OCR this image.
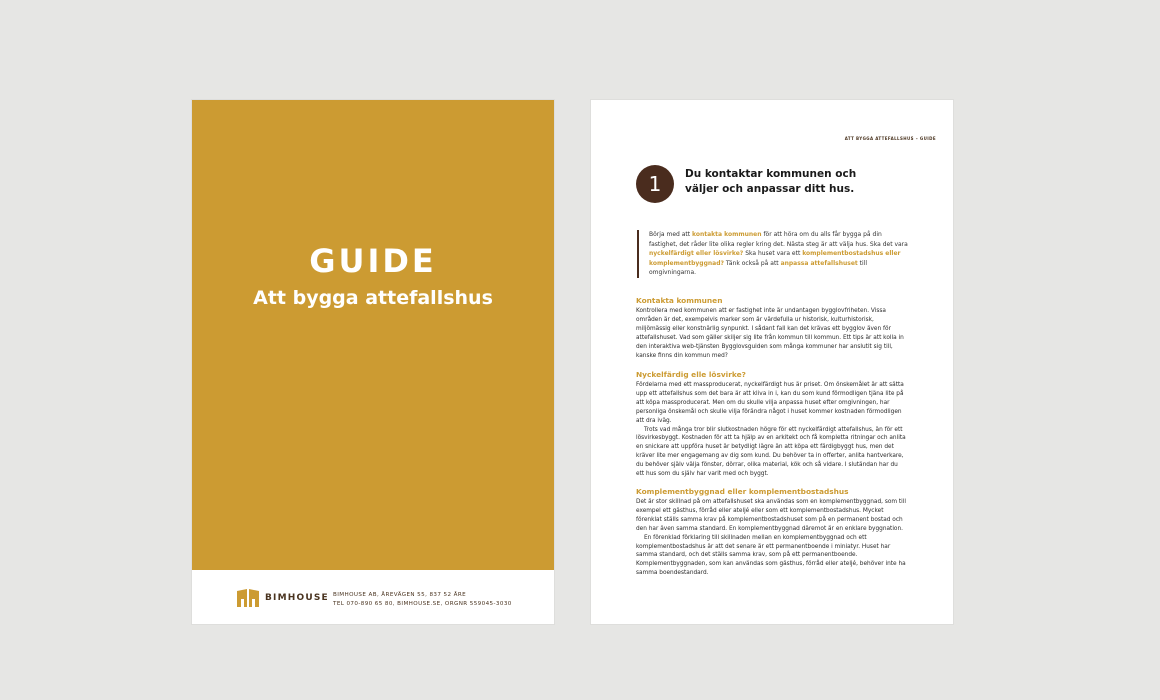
GUIDE
Att bygga attefallshus
BIMHOUSE BIMHOUSE AB, ÅREVÄGEN 55, 837 52 ÅRE
TEL 070-890 65 80, BIMHOUSE.SE, ORGNR 559045-3030
ATT BYGGA ATTEFALLSHUS – GUIDE
1	Du kontaktar kommunen och
väljer och anpassar ditt hus.
Börja med att kontakta kommunen för att höra om du alls får bygga på din fastighet, det råder lite olika regler kring det. Nästa steg är att välja hus. Ska det vara nyckelfärdigt eller lösvirke? Ska huset vara ett komplementbostadshus eller komplementbyggnad? Tänk också på att anpassa attefallshuset till omgivningarna.
Kontakta kommunen

Kontrollera med kommunen att er fastighet inte är undantagen bygglovfriheten. Vissa områden är det, exempelvis marker som är värdefulla ur historisk, kulturhistorisk, miljömässig eller konstnärlig synpunkt. I sådant fall kan det krävas ett bygglov även för attefallshuset. Vad som gäller skiljer sig lite från kommun till kommun. Ett tips är att kolla in den interaktiva web-tjänsten Bygglovsguiden som många kommuner har anslutit sig till, kanske finns din kommun med?

Nyckelfärdig elle lösvirke?

Fördelarna med ett massproducerat, nyckelfärdigt hus är priset. Om önskemålet är att sätta upp ett attefallshus som det bara är att kliva in i, kan du som kund förmodligen tjäna lite på att köpa massproducerat. Men om du skulle vilja anpassa huset efter omgivningen, har personliga önskemål och skulle vilja förändra något i huset kommer kostnaden förmodligen att dra iväg.

Trots vad många tror blir slutkostnaden högre för ett nyckelfärdigt attefallshus, än för ett lösvirkesbyggt. Kostnaden för att ta hjälp av en arkitekt och få kompletta ritningar och anlita en snickare att uppföra huset är betydligt lägre än att köpa ett färdigbyggt hus, men det kräver lite mer engagemang av dig som kund. Du behöver ta in offerter, anlita hantverkare, du behöver själv välja fönster, dörrar, olika material, kök och så vidare. I slutändan har du ett hus som du själv har varit med och byggt.

Komplementbyggnad eller komplementbostadshus

Det är stor skillnad på om attefallshuset ska användas som en komplementbyggnad, som till exempel ett gästhus, förråd eller ateljé eller som ett komplementbostadshus. Mycket förenklat ställs samma krav på komplementbostadshuset som på en permanent bostad och den har även samma standard. En komplementbyggnad däremot är en enklare byggnation.

En förenklad förklaring till skillnaden mellan en komplementbyggnad och ett komplementbostadshus är att det senare är ett permanentboende i miniatyr. Huset har samma standard, och det ställs samma krav, som på ett permanentboende. Komplementbyggnaden, som kan användas som gästhus, förråd eller ateljé, behöver inte ha samma boendestandard.
